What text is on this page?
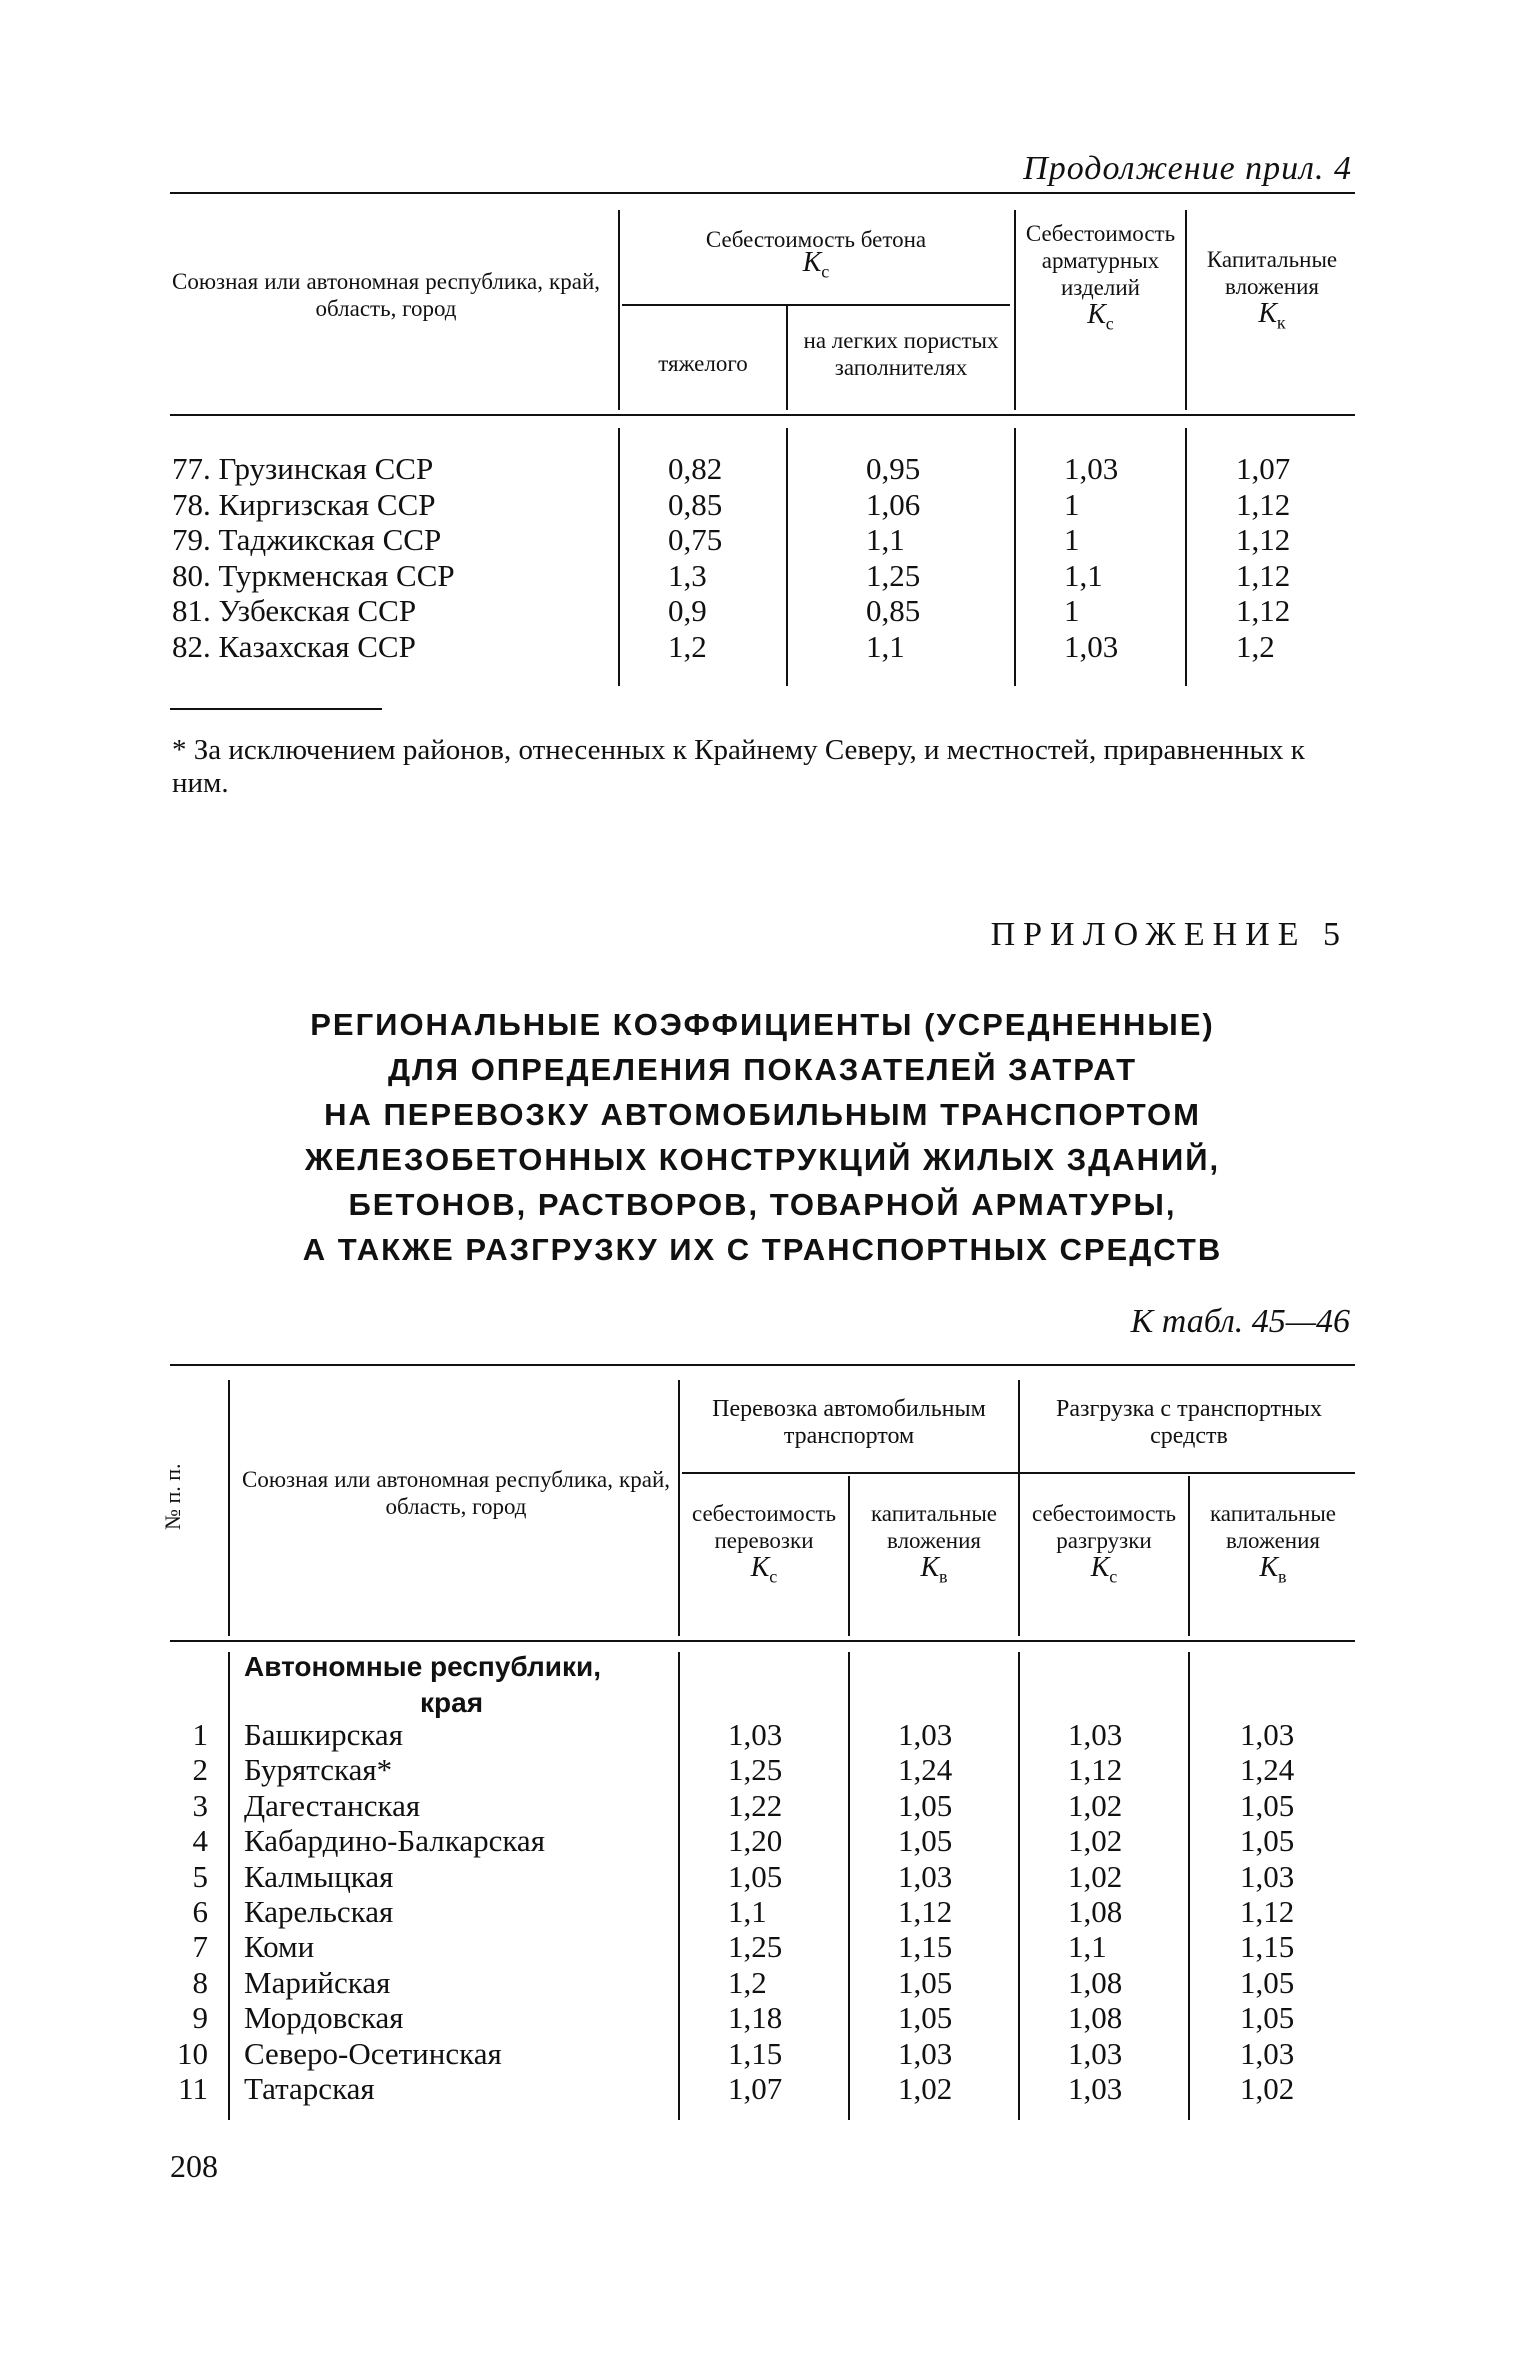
Продолжение прил. 4
Союзная или автономная республика, край, область, город
Себестоимость бетона
$К_с$
тяжелого
на легких пористых заполнителях
Себестоимость арматурных изделий
$К_с$
Капитальные вложения
$К_к$
77. Грузинская ССР	0,82	0,95	1,03	1,07
78. Киргизская ССР	0,85	1,06	1	1,12
79. Таджикская ССР	0,75	1,1	1	1,12
80. Туркменская ССР	1,3	1,25	1,1	1,12
81. Узбекская ССР	0,9	0,85	1	1,12
82. Казахская ССР	1,2	1,1	1,03	1,2
* За исключением районов, отнесенных к Крайнему Северу, и местностей, приравненных к ним.
ПРИЛОЖЕНИЕ 5
РЕГИОНАЛЬНЫЕ КОЭФФИЦИЕНТЫ (УСРЕДНЕННЫЕ)
ДЛЯ ОПРЕДЕЛЕНИЯ ПОКАЗАТЕЛЕЙ ЗАТРАТ
НА ПЕРЕВОЗКУ АВТОМОБИЛЬНЫМ ТРАНСПОРТОМ
ЖЕЛЕЗОБЕТОННЫХ КОНСТРУКЦИЙ ЖИЛЫХ ЗДАНИЙ,
БЕТОНОВ, РАСТВОРОВ, ТОВАРНОЙ АРМАТУРЫ,
А ТАКЖЕ РАЗГРУЗКУ ИХ С ТРАНСПОРТНЫХ СРЕДСТВ
К табл. 45—46
№ п. п. Союзная или автономная республика, край, область, город
Перевозка автомобильным транспортом
Разгрузка с транспортных средств
себестоимость перевозки
$К_с$
капитальные вложения
$К_в$
себестоимость разгрузки
$К_с$
капитальные вложения
$К_в$
Автономные республики,
края
1 Башкирская	1,03	1,03	1,03	1,03
2 Бурятская*	1,25	1,24	1,12	1,24
3 Дагестанская	1,22	1,05	1,02	1,05
4 Кабардино-Балкарская	1,20	1,05	1,02	1,05
5 Калмыцкая	1,05	1,03	1,02	1,03
6 Карельская	1,1	1,12	1,08	1,12
7 Коми	1,25	1,15	1,1	1,15
8 Марийская	1,2	1,05	1,08	1,05
9 Мордовская	1,18	1,05	1,08	1,05
10 Северо-Осетинская	1,15	1,03	1,03	1,03
11 Татарская	1,07	1,02	1,03	1,02
208
